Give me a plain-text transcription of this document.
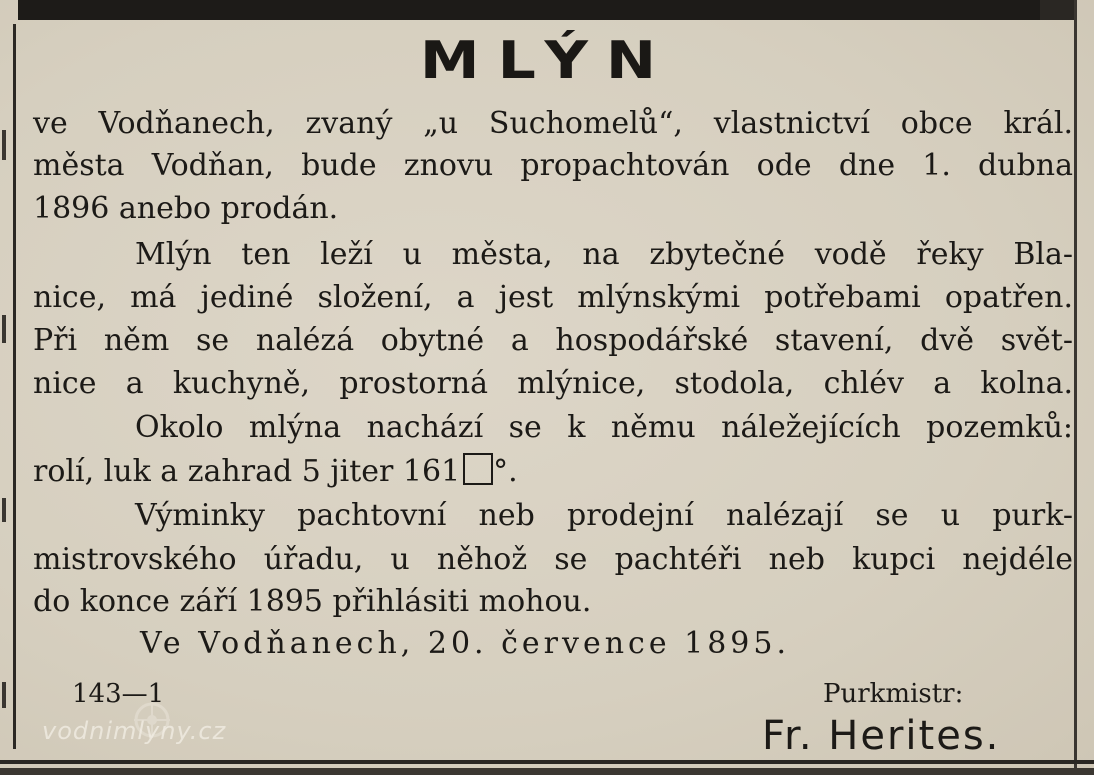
MLÝN
ve Vodňanech, zvaný „u Suchomelů“, vlastnictví obce král.
města Vodňan, bude znovu propachtován ode dne 1. dubna
1896 anebo prodán.
Mlýn ten leží u města, na zbytečné vodě řeky Bla-
nice, má jediné složení, a jest mlýnskými potřebami opatřen.
Při něm se nalézá obytné a hospodářské stavení, dvě svět-
nice a kuchyně, prostorná mlýnice, stodola, chlév a kolna.
Okolo mlýna nachází se k němu náležejících pozemků:
rolí, luk a zahrad 5 jiter 161 °.
Výminky pachtovní neb prodejní nalézají se u purk-
mistrovského úřadu, u něhož se pachtéři neb kupci nejdéle
do konce září 1895 přihlásiti mohou.
Ve Vodňanech, 20. července 1895.
143—1	Purkmistr:
Fr. Herites.
vodnimlyny.cz
